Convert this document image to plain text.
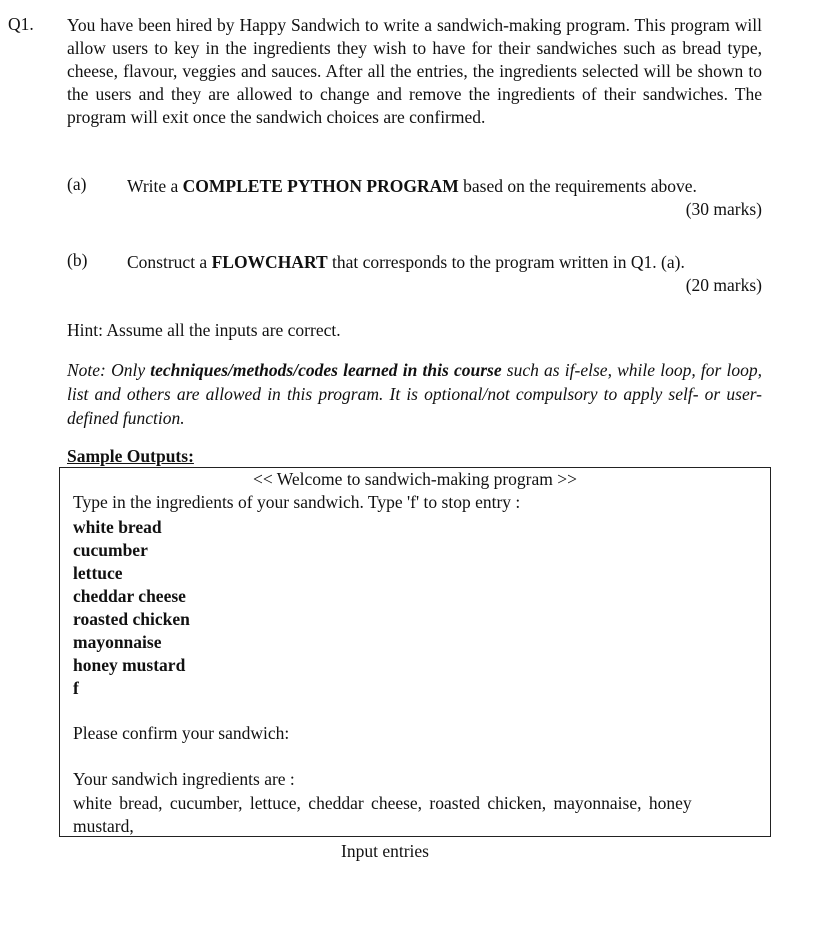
Q1. You have been hired by Happy Sandwich to write a sandwich-making program. This program will allow users to key in the ingredients they wish to have for their sandwiches such as bread type, cheese, flavour, veggies and sauces. After all the entries, the ingredients selected will be shown to the users and they are allowed to change and remove the ingredients of their sandwiches. The program will exit once the sandwich choices are confirmed.

(a) Write a COMPLETE PYTHON PROGRAM based on the requirements above.

(30 marks)

(b) Construct a FLOWCHART that corresponds to the program written in Q1. (a).

(20 marks)

Hint: Assume all the inputs are correct.

Note: Only techniques/methods/codes learned in this course such as if-else, while loop, for loop, list and others are allowed in this program. It is optional/not compulsory to apply self- or user-defined function.

Sample Outputs:

<< Welcome to sandwich-making program >>

Type in the ingredients of your sandwich. Type 'f' to stop entry :

white bread
cucumber
lettuce
cheddar cheese
roasted chicken
mayonnaise
honey mustard
f

Please confirm your sandwich:

Your sandwich ingredients are :

white bread, cucumber, lettuce, cheddar cheese, roasted chicken, mayonnaise, honey mustard,

Input entries
